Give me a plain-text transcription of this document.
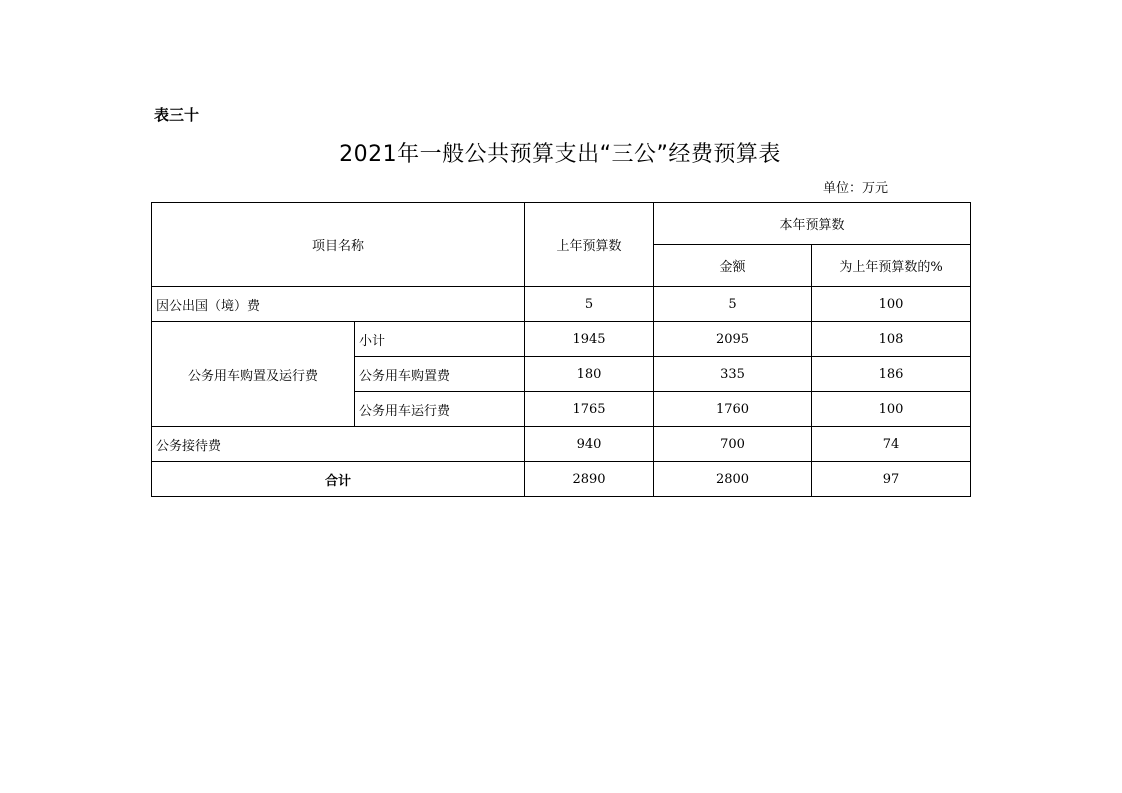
表三十
2021年一般公共预算支出“三公”经费预算表
单位：万元
项目名称		上年预算数	本年预算数	
			金额	为上年预算数的%
因公出国（境）费		5	5	100
公务用车购置及运行费	小计	1945	2095	108
	公务用车购置费	180	335	186
	公务用车运行费	1765	1760	100
公务接待费		940	700	74
合计		2890	2800	97
